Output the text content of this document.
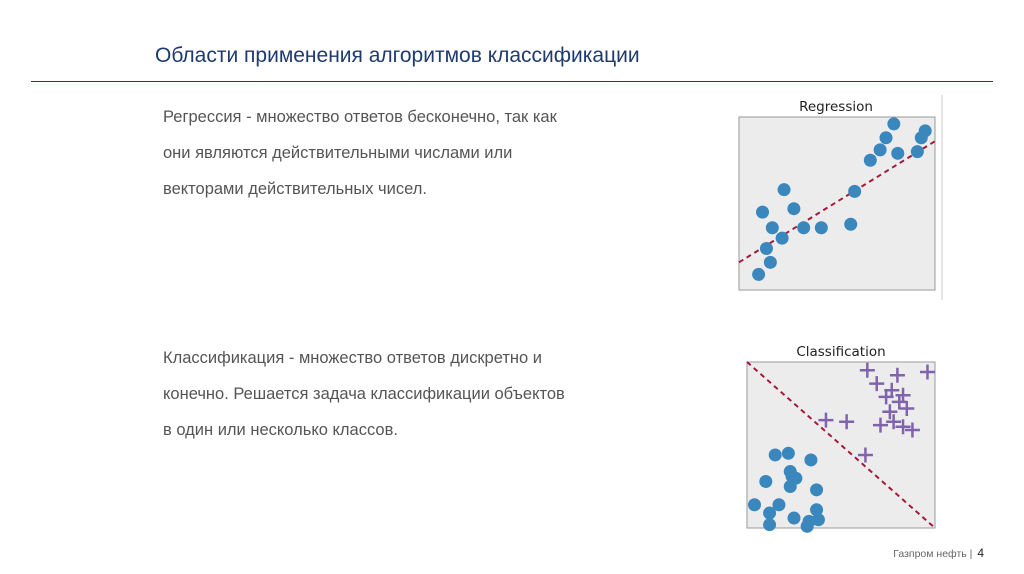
Области применения алгоритмов классификации
Регрессия - множество ответов бесконечно, так как
они являются действительными числами или
векторами действительных чисел.
Классификация - множество ответов дискретно и
конечно. Решается задача классификации объектов
в один или несколько классов.
Regression
Classification
Газпром нефть | 4
